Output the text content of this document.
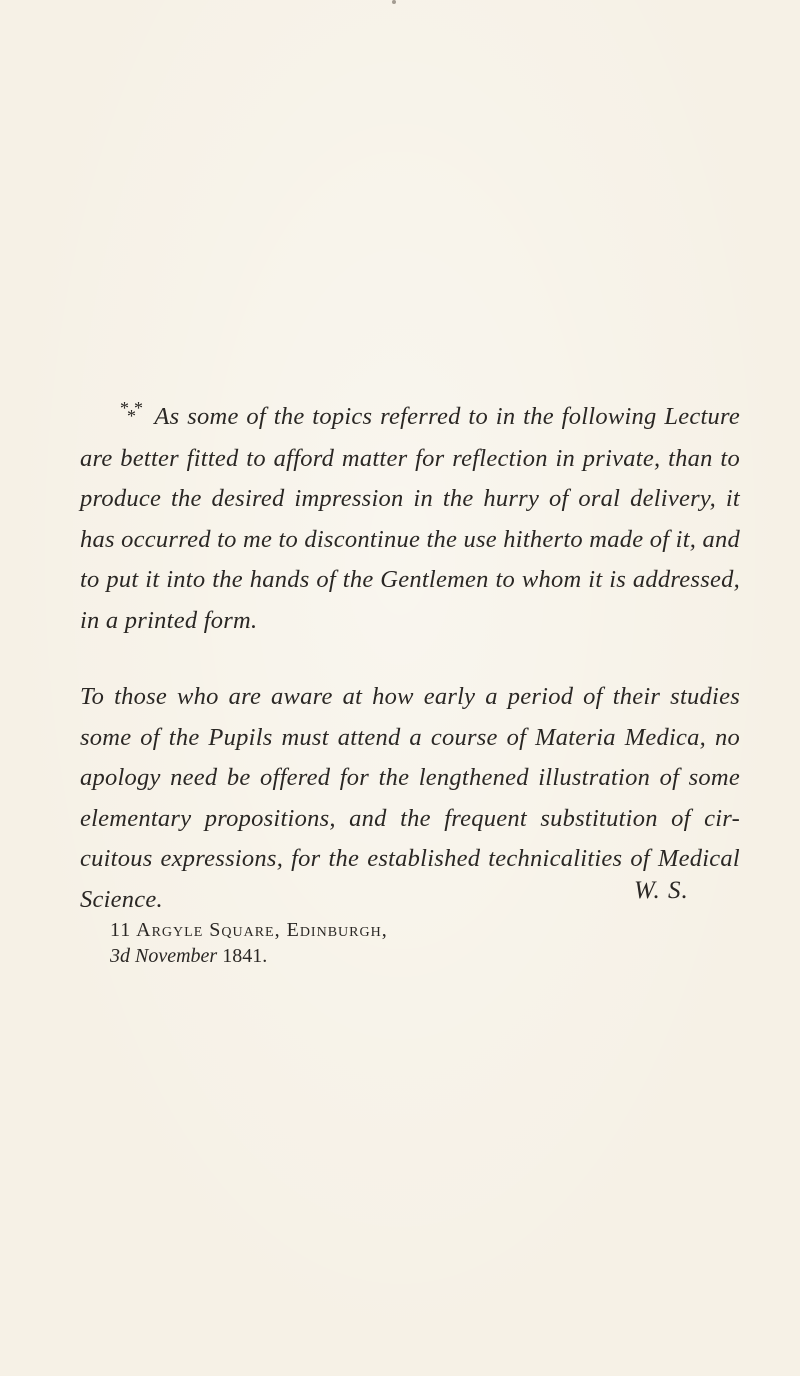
*** As some of the topics referred to in the following Lecture
are better fitted to afford matter for reflection in private, than to
produce the desired impression in the hurry of oral delivery, it
has occurred to me to discontinue the use hitherto made of it, and
to put it into the hands of the Gentlemen to whom it is addressed,
in a printed form.
To those who are aware at how early a period of their studies
some of the Pupils must attend a course of Materia Medica, no
apology need be offered for the lengthened illustration of some
elementary propositions, and the frequent substitution of cir-
cuitous expressions, for the established technicalities of Medical
Science.	W. S.
11 Argyle Square, Edinburgh,
3d November 1841.
